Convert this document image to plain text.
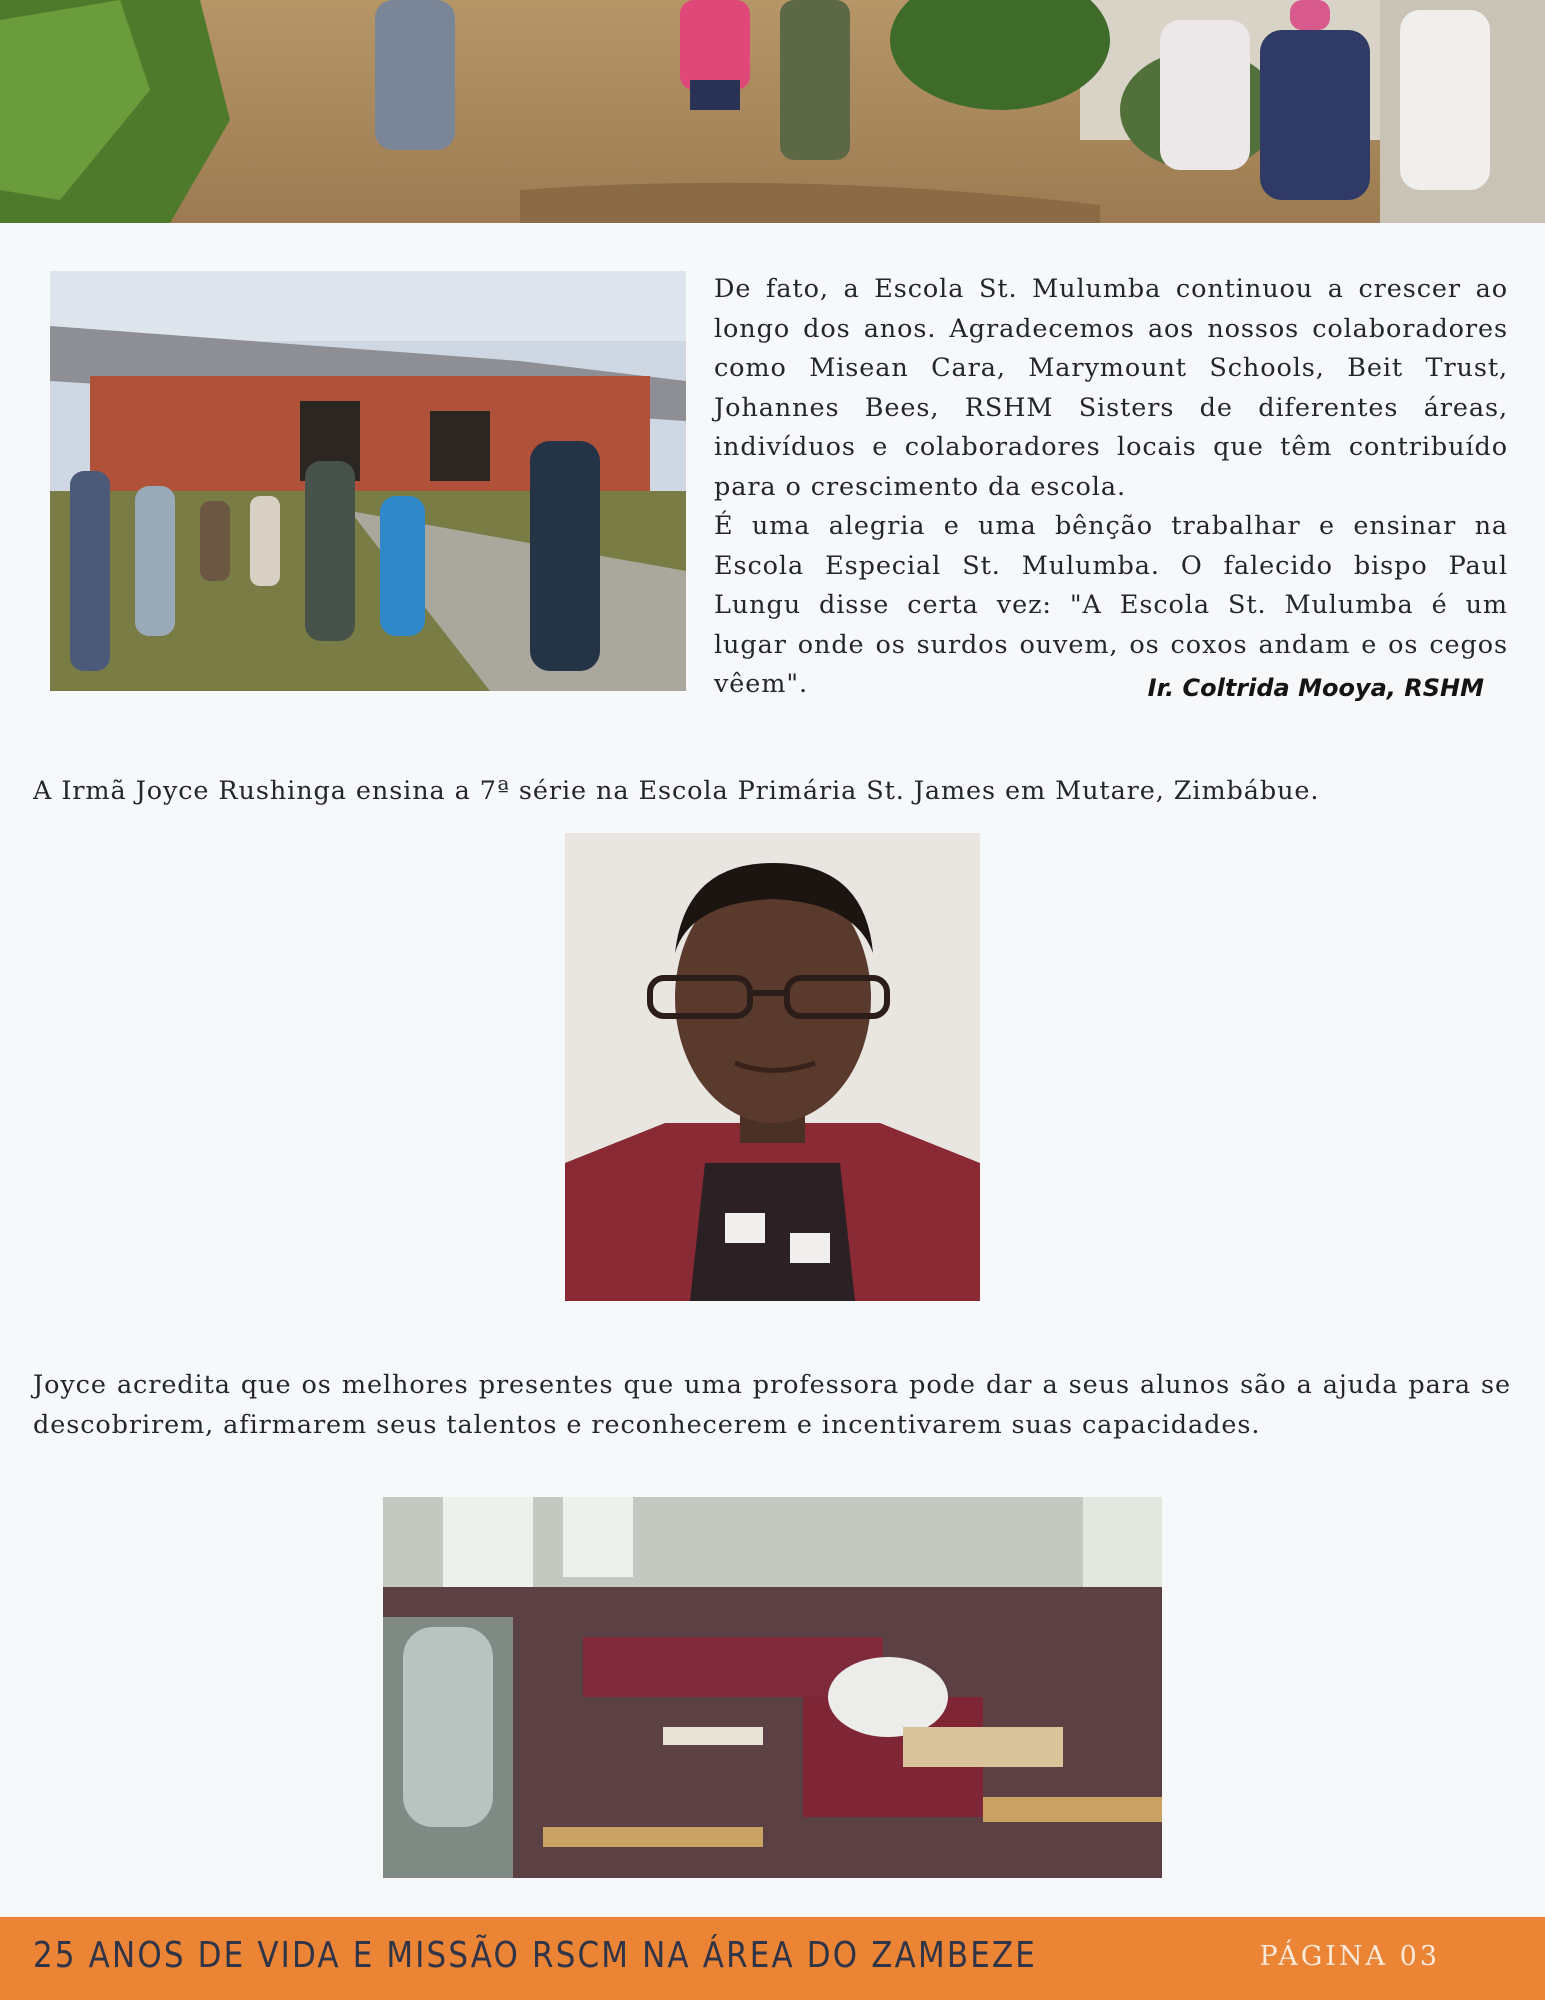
De fato, a Escola St. Mulumba continuou a crescer ao longo dos anos. Agradecemos aos nossos colaboradores como Misean Cara, Marymount Schools, Beit Trust, Johannes Bees, RSHM Sisters de diferentes áreas, indivíduos e colaboradores locais que têm contribuído para o crescimento da escola.

É uma alegria e uma bênção trabalhar e ensinar na Escola Especial St. Mulumba. O falecido bispo Paul Lungu disse certa vez: "A Escola St. Mulumba é um lugar onde os surdos ouvem, os coxos andam e os cegos vêem".	Ir. Coltrida Mooya, RSHM
A Irmã Joyce Rushinga ensina a 7ª série na Escola Primária St. James em Mutare, Zimbábue.
Joyce acredita que os melhores presentes que uma professora pode dar a seus alunos são a ajuda para se descobrirem, afirmarem seus talentos e reconhecerem e incentivarem suas capacidades.
25 ANOS DE VIDA E MISSÃO RSCM NA ÁREA DO ZAMBEZE	PÁGINA 03
